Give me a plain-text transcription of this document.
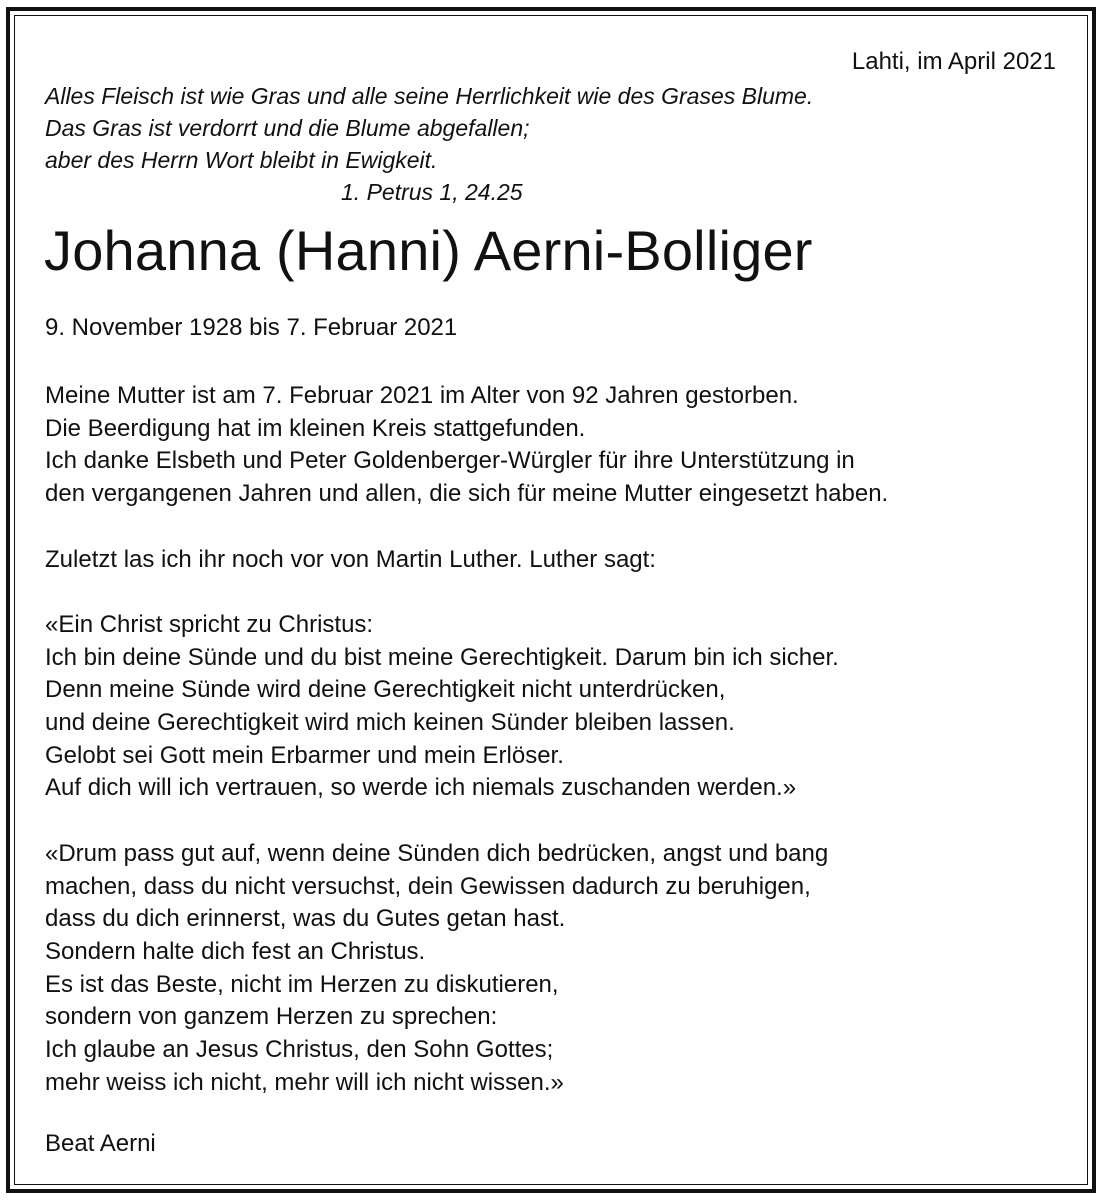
Lahti, im April 2021
Alles Fleisch ist wie Gras und alle seine Herrlichkeit wie des Grases Blume.
Das Gras ist verdorrt und die Blume abgefallen;
aber des Herrn Wort bleibt in Ewigkeit.
1. Petrus 1, 24.25
Johanna (Hanni) Aerni-Bolliger
9. November 1928 bis 7. Februar 2021
Meine Mutter ist am 7. Februar 2021 im Alter von 92 Jahren gestorben.
Die Beerdigung hat im kleinen Kreis stattgefunden.
Ich danke Elsbeth und Peter Goldenberger-Würgler für ihre Unterstützung in
den vergangenen Jahren und allen, die sich für meine Mutter eingesetzt haben.
Zuletzt las ich ihr noch vor von Martin Luther. Luther sagt:
«Ein Christ spricht zu Christus:
Ich bin deine Sünde und du bist meine Gerechtigkeit. Darum bin ich sicher.
Denn meine Sünde wird deine Gerechtigkeit nicht unterdrücken,
und deine Gerechtigkeit wird mich keinen Sünder bleiben lassen.
Gelobt sei Gott mein Erbarmer und mein Erlöser.
Auf dich will ich vertrauen, so werde ich niemals zuschanden werden.»
«Drum pass gut auf, wenn deine Sünden dich bedrücken, angst und bang
machen, dass du nicht versuchst, dein Gewissen dadurch zu beruhigen,
dass du dich erinnerst, was du Gutes getan hast.
Sondern halte dich fest an Christus.
Es ist das Beste, nicht im Herzen zu diskutieren,
sondern von ganzem Herzen zu sprechen:
Ich glaube an Jesus Christus, den Sohn Gottes;
mehr weiss ich nicht, mehr will ich nicht wissen.»
Beat Aerni
